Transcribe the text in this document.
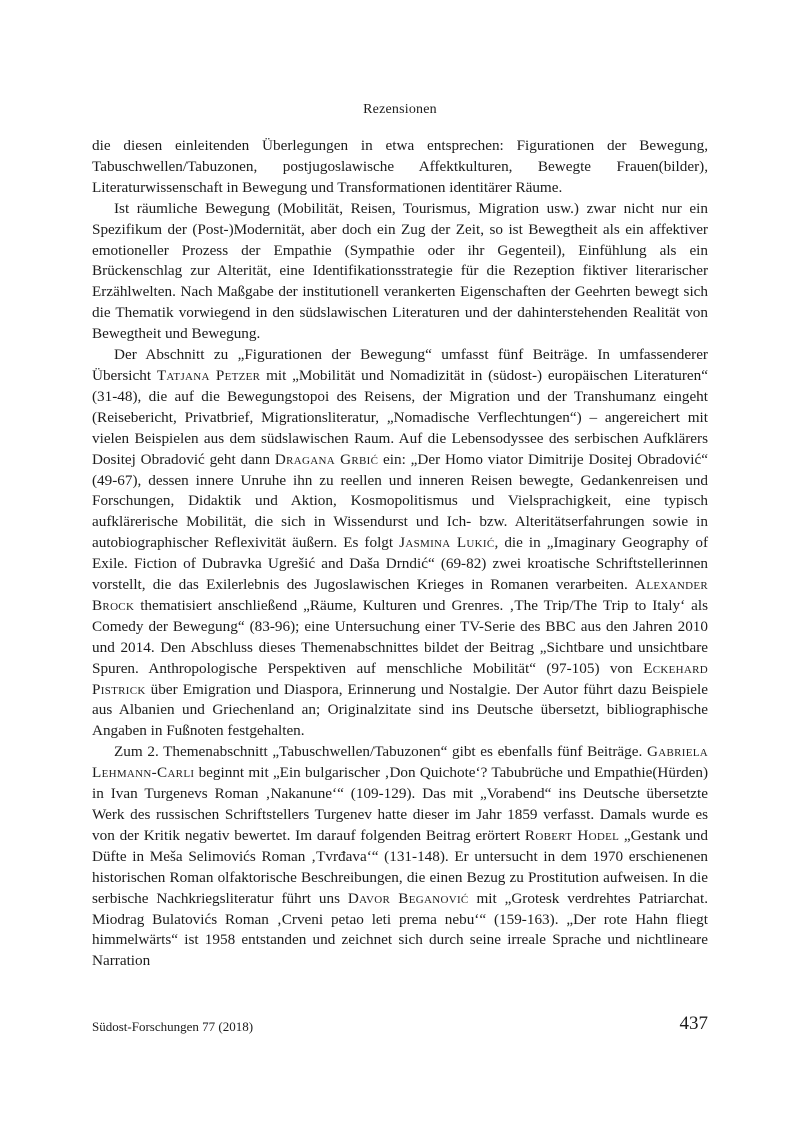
Rezensionen

die diesen einleitenden Überlegungen in etwa entsprechen: Figurationen der Bewegung, Tabuschwellen/Tabuzonen, postjugoslawische Affektkulturen, Bewegte Frauen(bilder), Literaturwissenschaft in Bewegung und Transformationen identitärer Räume.

Ist räumliche Bewegung (Mobilität, Reisen, Tourismus, Migration usw.) zwar nicht nur ein Spezifikum der (Post-)Modernität, aber doch ein Zug der Zeit, so ist Bewegtheit als ein affektiver emotioneller Prozess der Empathie (Sympathie oder ihr Gegenteil), Einfühlung als ein Brückenschlag zur Alterität, eine Identifikationsstrategie für die Rezeption fiktiver literarischer Erzählwelten. Nach Maßgabe der institutionell verankerten Eigenschaften der Geehrten bewegt sich die Thematik vorwiegend in den südslawischen Literaturen und der dahinterstehenden Realität von Bewegtheit und Bewegung.

Der Abschnitt zu „Figurationen der Bewegung“ umfasst fünf Beiträge. In umfassenderer Übersicht Tatjana Petzer mit „Mobilität und Nomadizität in (südost-) europäischen Literaturen“ (31-48), die auf die Bewegungstopoi des Reisens, der Migration und der Transhumanz eingeht (Reisebericht, Privatbrief, Migrationsliteratur, „Nomadische Verflechtungen“) – angereichert mit vielen Beispielen aus dem südslawischen Raum. Auf die Lebensodyssee des serbischen Aufklärers Dositej Obradović geht dann Dragana Grbić ein: „Der Homo viator Dimitrije Dositej Obradović“ (49-67), dessen innere Unruhe ihn zu reellen und inneren Reisen bewegte, Gedankenreisen und Forschungen, Didaktik und Aktion, Kosmopolitismus und Vielsprachigkeit, eine typisch aufklärerische Mobilität, die sich in Wissendurst und Ich- bzw. Alteritätserfahrungen sowie in autobiographischer Reflexivität äußern. Es folgt Jasmina Lukić, die in „Imaginary Geography of Exile. Fiction of Dubravka Ugrešić and Daša Drndić“ (69-82) zwei kroatische Schriftstellerinnen vorstellt, die das Exilerlebnis des Jugoslawischen Krieges in Romanen verarbeiten. Alexander Brock thematisiert anschließend „Räume, Kulturen und Grenres. ‚The Trip/The Trip to Italy‘ als Comedy der Bewegung“ (83-96); eine Untersuchung einer TV-Serie des BBC aus den Jahren 2010 und 2014. Den Abschluss dieses Themenabschnittes bildet der Beitrag „Sichtbare und unsichtbare Spuren. Anthropologische Perspektiven auf menschliche Mobilität“ (97-105) von Eckehard Pistrick über Emigration und Diaspora, Erinnerung und Nostalgie. Der Autor führt dazu Beispiele aus Albanien und Griechenland an; Originalzitate sind ins Deutsche übersetzt, bibliographische Angaben in Fußnoten festgehalten.

Zum 2. Themenabschnitt „Tabuschwellen/Tabuzonen“ gibt es ebenfalls fünf Beiträge. Gabriela Lehmann-Carli beginnt mit „Ein bulgarischer ‚Don Quichote‘? Tabubrüche und Empathie(Hürden) in Ivan Turgenevs Roman ‚Nakanune‘“ (109-129). Das mit „Vorabend“ ins Deutsche übersetzte Werk des russischen Schriftstellers Turgenev hatte dieser im Jahr 1859 verfasst. Damals wurde es von der Kritik negativ bewertet. Im darauf folgenden Beitrag erörtert Robert Hodel „Gestank und Düfte in Meša Selimovićs Roman ‚Tvrđava‘“ (131-148). Er untersucht in dem 1970 erschienenen historischen Roman olfaktorische Beschreibungen, die einen Bezug zu Prostitution aufweisen. In die serbische Nachkriegsliteratur führt uns Davor Beganović mit „Grotesk verdrehtes Patriarchat. Miodrag Bulatovićs Roman ‚Crveni petao leti prema nebu‘“ (159-163). „Der rote Hahn fliegt himmelwärts“ ist 1958 entstanden und zeichnet sich durch seine irreale Sprache und nichtlineare Narration

Südost-Forschungen 77 (2018)	437
